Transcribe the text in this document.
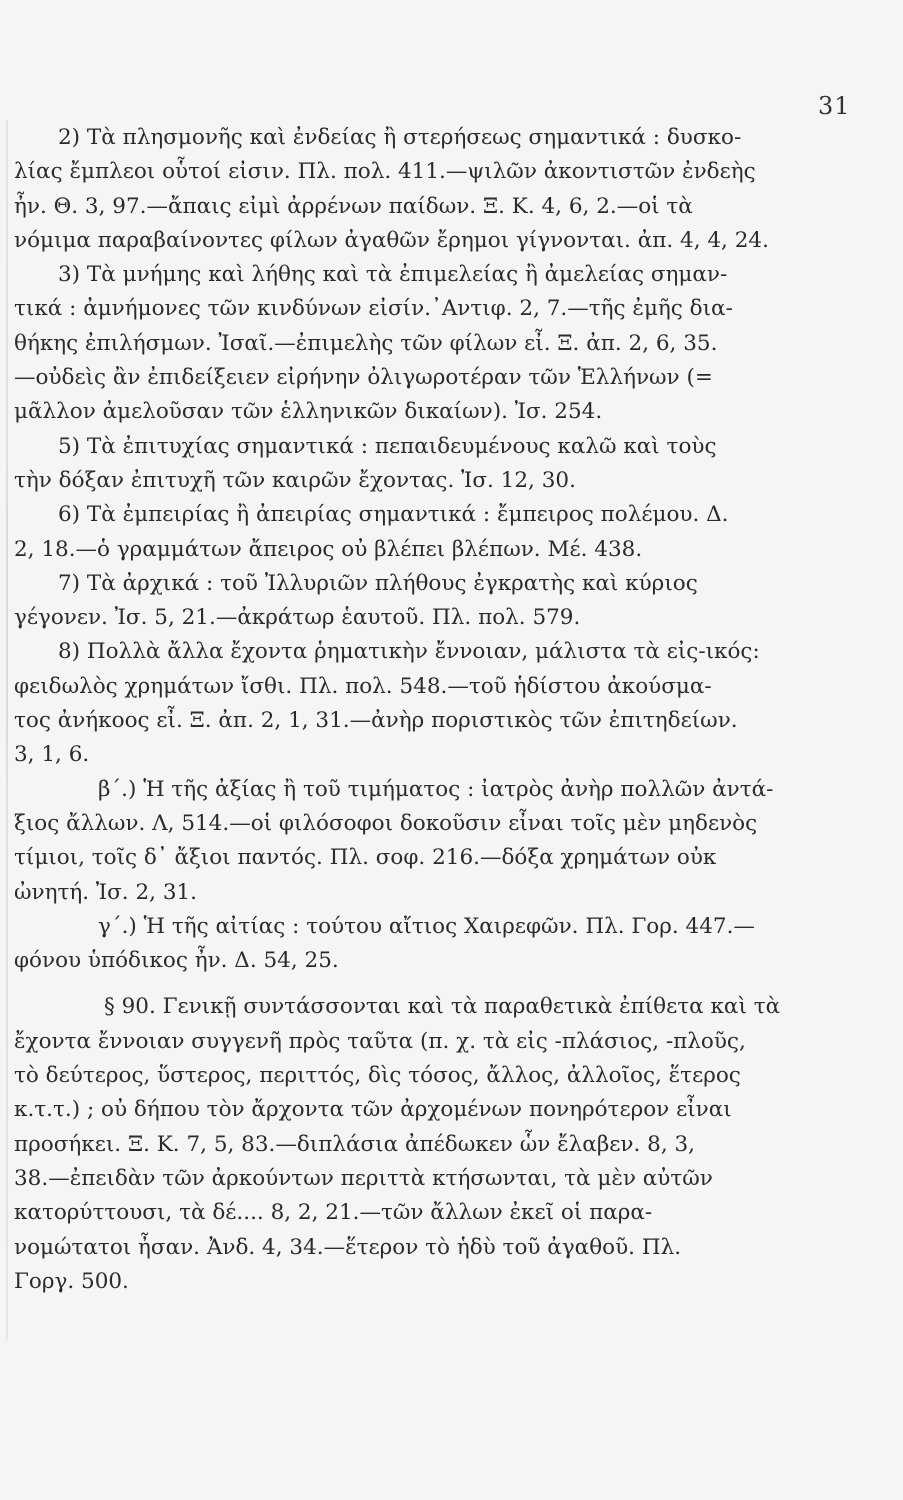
31
2) Τὰ πλησμονῆς καὶ ἐνδείας ἢ στερήσεως σημαντικά : δυσκο-
λίας ἔμπλεοι οὗτοί εἰσιν. Πλ. πολ. 411.—ψιλῶν ἀκοντιστῶν ἐνδεὴς
ἦν. Θ. 3, 97.—ἄπαις εἰμὶ ἀρρένων παίδων. Ξ. Κ. 4, 6, 2.—οἱ τὰ
νόμιμα παραβαίνοντες φίλων ἀγαθῶν ἔρημοι γίγνονται. ἀπ. 4, 4, 24.
3) Τὰ μνήμης καὶ λήθης καὶ τὰ ἐπιμελείας ἢ ἀμελείας σημαν-
τικά : ἀμνήμονες τῶν κινδύνων εἰσίν.᾽Αντιφ. 2, 7.—τῆς ἐμῆς δια-
θήκης ἐπιλήσμων. Ἰσαῖ.—ἐπιμελὴς τῶν φίλων εἶ. Ξ. ἀπ. 2, 6, 35.
—οὐδεὶς ἂν ἐπιδείξειεν εἰρήνην ὀλιγωροτέραν τῶν Ἑλλήνων (=
μᾶλλον ἀμελοῦσαν τῶν ἑλληνικῶν δικαίων). Ἰσ. 254.
5) Τὰ ἐπιτυχίας σημαντικά : πεπαιδευμένους καλῶ καὶ τοὺς
τὴν δόξαν ἐπιτυχῆ τῶν καιρῶν ἔχοντας. Ἰσ. 12, 30.
6) Τὰ ἐμπειρίας ἢ ἀπειρίας σημαντικά : ἔμπειρος πολέμου. Δ.
2, 18.—ὁ γραμμάτων ἄπειρος οὐ βλέπει βλέπων. Μέ. 438.
7) Τὰ ἀρχικά : τοῦ Ἰλλυριῶν πλήθους ἐγκρατὴς καὶ κύριος
γέγονεν. Ἰσ. 5, 21.—ἀκράτωρ ἑαυτοῦ. Πλ. πολ. 579.
8) Πολλὰ ἄλλα ἔχοντα ῥηματικὴν ἔννοιαν, μάλιστα τὰ εἰς-ικός:
φειδωλὸς χρημάτων ἴσθι. Πλ. πολ. 548.—τοῦ ἡδίστου ἀκούσμα-
τος ἀνήκοος εἶ. Ξ. ἀπ. 2, 1, 31.—ἀνὴρ ποριστικὸς τῶν ἐπιτηδείων.
3, 1, 6.
β΄.) Ἡ τῆς ἀξίας ἢ τοῦ τιμήματος : ἰατρὸς ἀνὴρ πολλῶν ἀντά-
ξιος ἄλλων. Λ, 514.—οἱ φιλόσοφοι δοκοῦσιν εἶναι τοῖς μὲν μηδενὸς
τίμιοι, τοῖς δ᾽ ἄξιοι παντός. Πλ. σοφ. 216.—δόξα χρημάτων οὐκ
ὠνητή. Ἰσ. 2, 31.
γ΄.) Ἡ τῆς αἰτίας : τούτου αἴτιος Χαιρεφῶν. Πλ. Γορ. 447.—
φόνου ὑπόδικος ἦν. Δ. 54, 25.
§ 90. Γενικῇ συντάσσονται καὶ τὰ παραθετικὰ ἐπίθετα καὶ τὰ
ἔχοντα ἔννοιαν συγγενῆ πρὸς ταῦτα (π. χ. τὰ εἰς -πλάσιος, -πλοῦς,
τὸ δεύτερος, ὕστερος, περιττός, δὶς τόσος, ἄλλος, ἀλλοῖος, ἕτερος
κ.τ.τ.) ; οὐ δήπου τὸν ἄρχοντα τῶν ἀρχομένων πονηρότερον εἶναι
προσήκει. Ξ. Κ. 7, 5, 83.—διπλάσια ἀπέδωκεν ὧν ἔλαβεν. 8, 3,
38.—ἐπειδὰν τῶν ἀρκούντων περιττὰ κτήσωνται, τὰ μὲν αὐτῶν
κατορύττουσι, τὰ δέ.... 8, 2, 21.—τῶν ἄλλων ἐκεῖ οἱ παρα-
νομώτατοι ἦσαν. Ἀνδ. 4, 34.—ἕτερον τὸ ἡδὺ τοῦ ἀγαθοῦ. Πλ.
Γοργ. 500.
